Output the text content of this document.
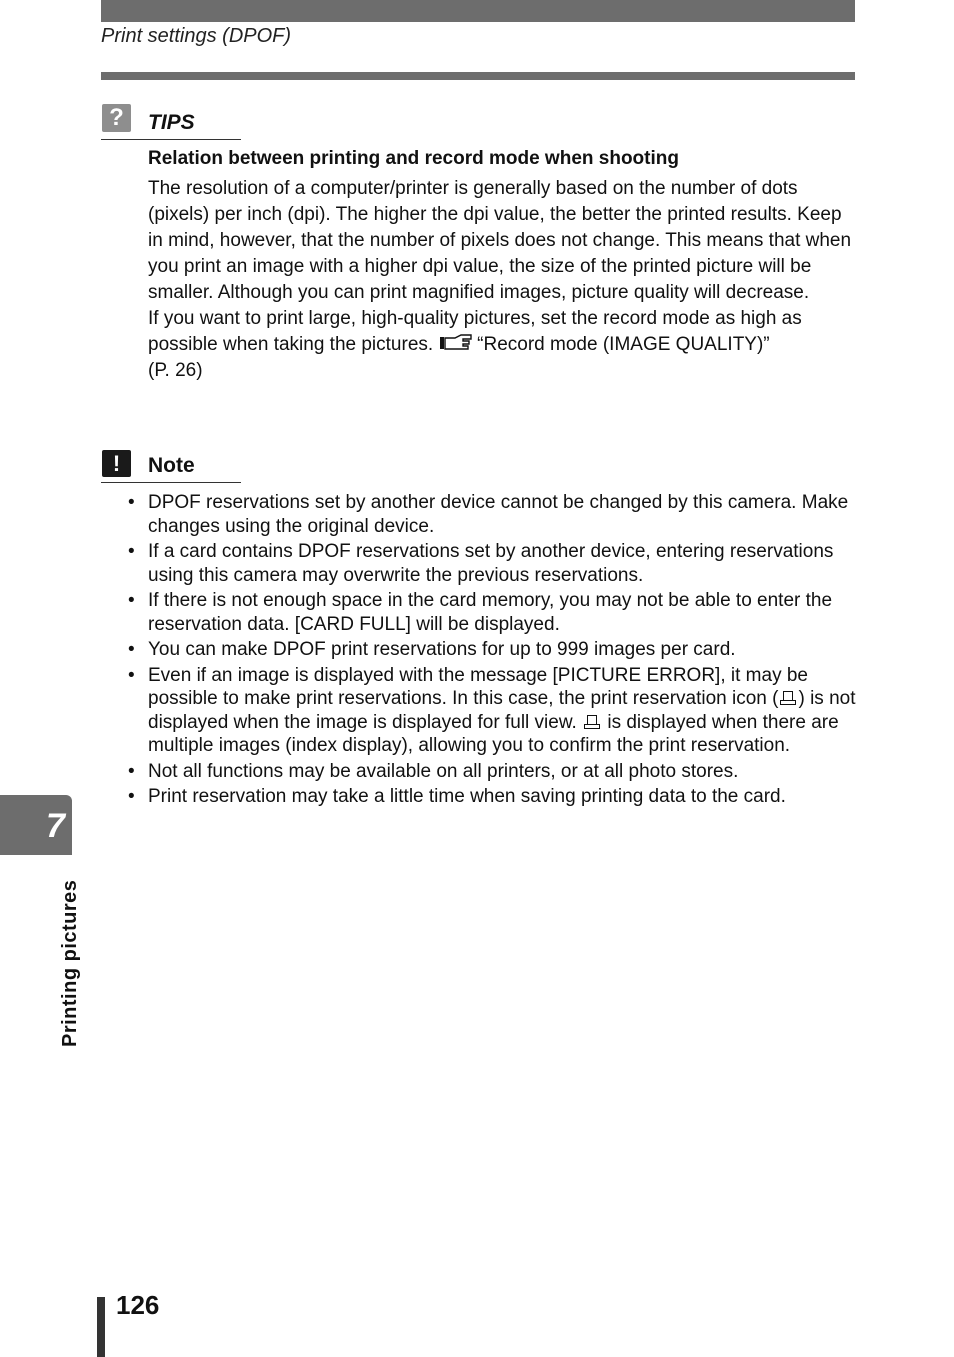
Print settings (DPOF)
?	TIPS
Relation between printing and record mode when shooting

The resolution of a computer/printer is generally based on the number of dots (pixels) per inch (dpi). The higher the dpi value, the better the printed results. Keep in mind, however, that the number of pixels does not change. This means that when you print an image with a higher dpi value, the size of the printed picture will be smaller. Although you can print magnified images, picture quality will decrease.

If you want to print large, high-quality pictures, set the record mode as high as possible when taking the pictures. “Record mode (IMAGE QUALITY)”
(P. 26)

!	Note
• DPOF reservations set by another device cannot be changed by this camera. Make changes using the original device.
• If a card contains DPOF reservations set by another device, entering reservations using this camera may overwrite the previous reservations.
• If there is not enough space in the card memory, you may not be able to enter the reservation data. [CARD FULL] will be displayed.
• You can make DPOF print reservations for up to 999 images per card.
• Even if an image is displayed with the message [PICTURE ERROR], it may be possible to make print reservations. In this case, the print reservation icon ( ) is not displayed when the image is displayed for full view. is displayed when there are multiple images (index display), allowing you to confirm the print reservation.
• Not all functions may be available on all printers, or at all photo stores.
• Print reservation may take a little time when saving printing data to the card.
7
Printing pictures
126
